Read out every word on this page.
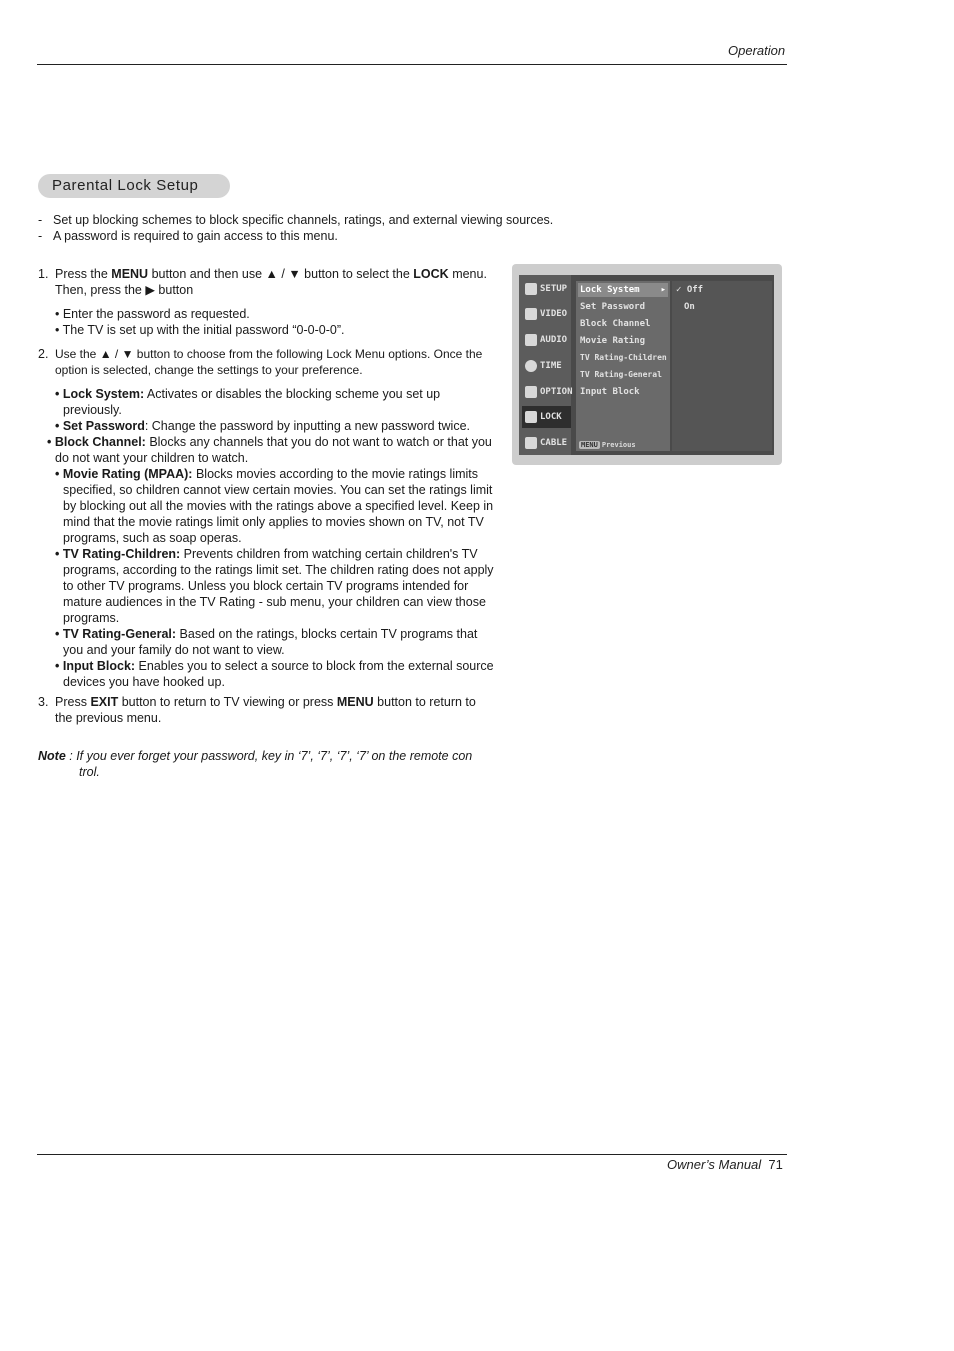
Operation
Parental Lock Setup
- Set up blocking schemes to block specific channels, ratings, and external viewing sources.
- A password is required to gain access to this menu.
1. Press the MENU button and then use ▲ / ▼ button to select the LOCK menu.
Then, press the ▶ button
• Enter the password as requested.
• The TV is set up with the initial password “0-0-0-0”.
2. Use the ▲ / ▼ button to choose from the following Lock Menu options. Once the option is selected, change the settings to your preference.
• Lock System: Activates or disables the blocking scheme you set up previously.
• Set Password: Change the password by inputting a new password twice.
• Block Channel: Blocks any channels that you do not want to watch or that you do not want your children to watch.
• Movie Rating (MPAA): Blocks movies according to the movie ratings limits specified, so children cannot view certain movies. You can set the ratings limit by blocking out all the movies with the ratings above a specified level. Keep in mind that the movie ratings limit only applies to movies shown on TV, not TV programs, such as soap operas.
• TV Rating-Children: Prevents children from watching certain children's TV programs, according to the ratings limit set. The children rating does not apply to other TV programs. Unless you block certain TV programs intended for mature audiences in the TV Rating - sub menu, your children can view those programs.
• TV Rating-General: Based on the ratings, blocks certain TV programs that you and your family do not want to view.
• Input Block: Enables you to select a source to block from the external source devices you have hooked up.
3. Press EXIT button to return to TV viewing or press MENU button to return to the previous menu.
Note : If you ever forget your password, key in ‘7’, ‘7’, ‘7’, ‘7’ on the remote con
trol.
SETUP
VIDEO
AUDIO
TIME
OPTION
LOCK
CABLE
Lock System ▸
Set Password
Block Channel
Movie Rating
TV Rating-Children
TV Rating-General
Input Block
✓ Off
On
MENU Previous
Owner’s Manual 71
